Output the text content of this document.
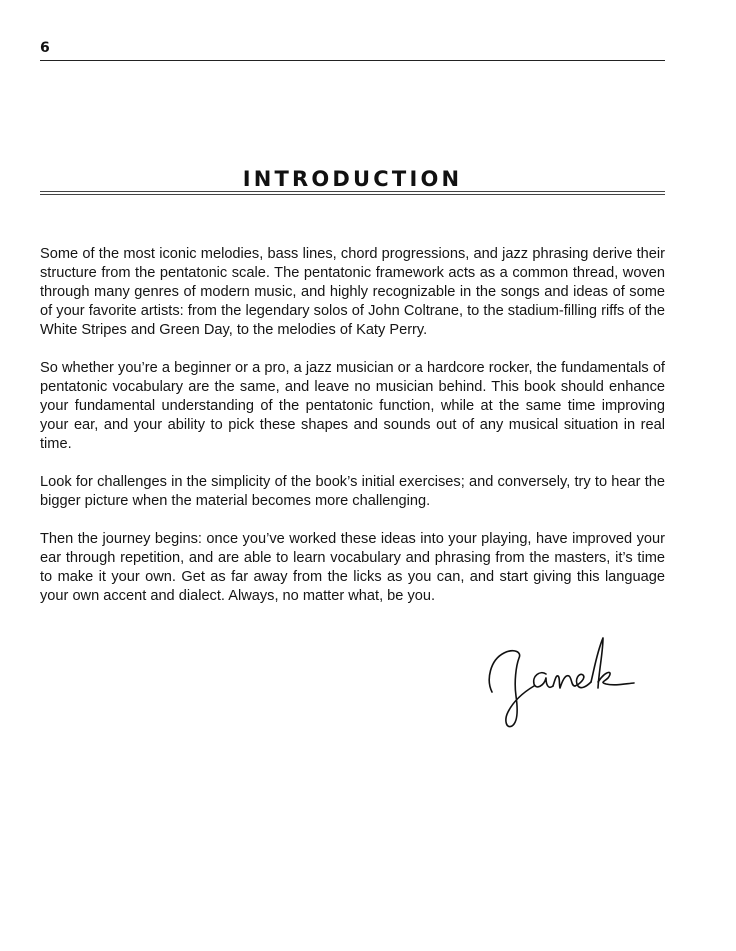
6
INTRODUCTION

Some of the most iconic melodies, bass lines, chord progressions, and jazz phrasing derive their structure from the pentatonic scale. The pentatonic framework acts as a common thread, woven through many genres of modern music, and highly recognizable in the songs and ideas of some of your favorite artists: from the legendary solos of John Coltrane, to the stadium-filling riffs of the White Stripes and Green Day, to the melodies of Katy Perry.

So whether you’re a beginner or a pro, a jazz musician or a hardcore rocker, the fundamentals of pentatonic vocabulary are the same, and leave no musician behind. This book should enhance your fundamental understanding of the pentatonic function, while at the same time improving your ear, and your ability to pick these shapes and sounds out of any musical situation in real time.

Look for challenges in the simplicity of the book’s initial exercises; and conversely, try to hear the bigger picture when the material becomes more challenging.

Then the journey begins: once you’ve worked these ideas into your playing, have improved your ear through repetition, and are able to learn vocabulary and phrasing from the masters, it’s time to make it your own. Get as far away from the licks as you can, and start giving this language your own accent and dialect. Always, no matter what, be you.
